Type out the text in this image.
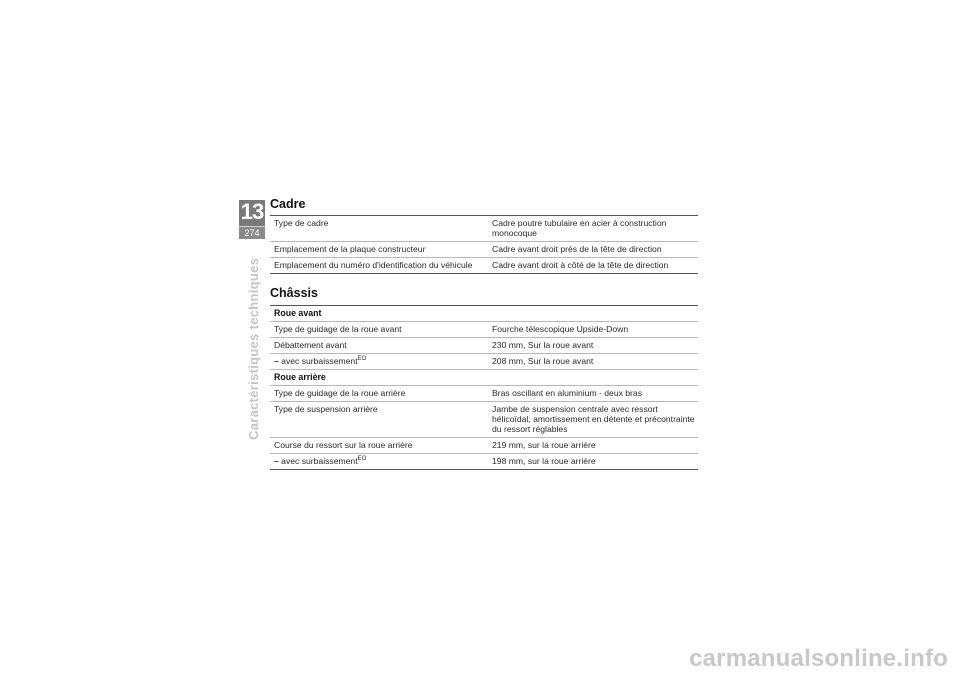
13
274
Caractéristiques techniques
Cadre
Type de cadre	Cadre poutre tubulaire en acier à construction monocoque
Emplacement de la plaque constructeur	Cadre avant droit près de la tête de direction
Emplacement du numéro d'identification du véhicule	Cadre avant droit à côté de la tête de direction
Châssis
Roue avant	
Type de guidage de la roue avant	Fourche télescopique Upside-Down
Débattement avant	230 mm, Sur la roue avant
– avec surbaissement$^{EO}$	208 mm, Sur la roue avant
Roue arrière	
Type de guidage de la roue arrière	Bras oscillant en aluminium - deux bras
Type de suspension arrière	Jambe de suspension centrale avec ressort hélicoïdal, amortissement en détente et précontrainte du ressort réglables
Course du ressort sur la roue arrière	219 mm, sur la roue arrière
– avec surbaissement$^{EO}$	198 mm, sur la roue arrière
carmanualsonline.info
